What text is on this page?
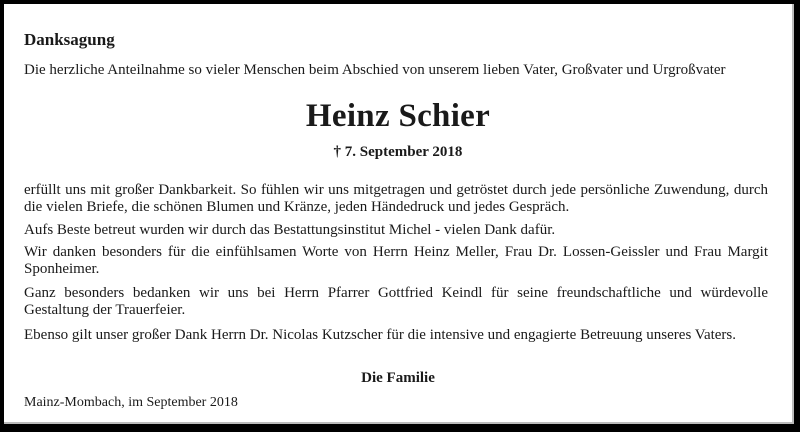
Danksagung
Die herzliche Anteilnahme so vieler Menschen beim Abschied von unserem lieben Vater, Großvater und Urgroßvater
Heinz Schier
† 7. September 2018
erfüllt uns mit großer Dankbarkeit. So fühlen wir uns mitgetragen und getröstet durch jede persönliche Zuwendung, durch die vielen Briefe, die schönen Blumen und Kränze, jeden Händedruck und jedes Gespräch.
Aufs Beste betreut wurden wir durch das Bestattungsinstitut Michel - vielen Dank dafür.
Wir danken besonders für die einfühlsamen Worte von Herrn Heinz Meller, Frau Dr. Lossen-Geissler und Frau Margit Sponheimer.
Ganz besonders bedanken wir uns bei Herrn Pfarrer Gottfried Keindl für seine freundschaftliche und würdevolle Gestaltung der Trauerfeier.
Ebenso gilt unser großer Dank Herrn Dr. Nicolas Kutzscher für die intensive und engagierte Betreuung unseres Vaters.
Die Familie
Mainz-Mombach, im September 2018
